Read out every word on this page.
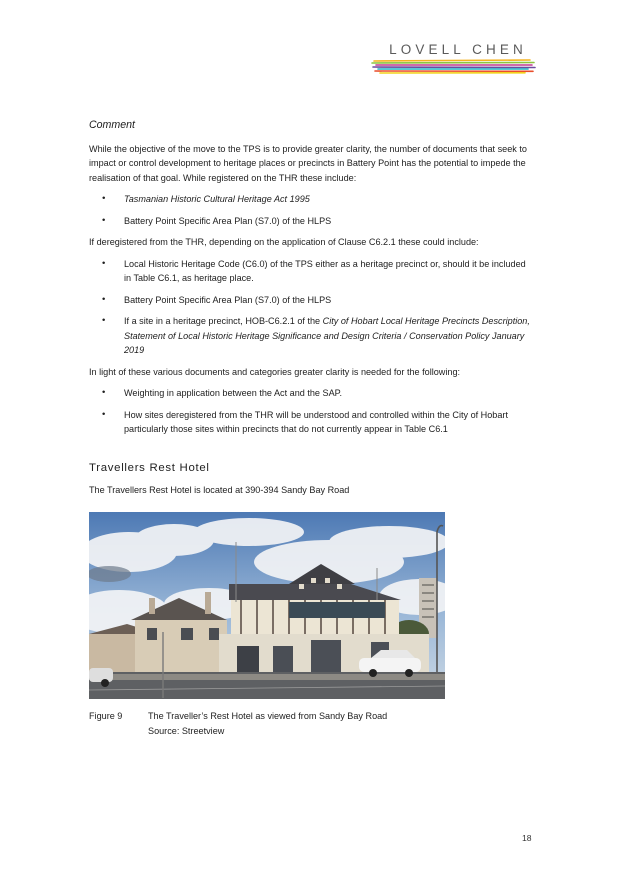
LOVELL CHEN
Comment

While the objective of the move to the TPS is to provide greater clarity, the number of documents that seek to impact or control development to heritage places or precincts in Battery Point has the potential to impede the realisation of that goal. While registered on the THR these include:

• Tasmanian Historic Cultural Heritage Act 1995
• Battery Point Specific Area Plan (S7.0) of the HLPS

If deregistered from the THR, depending on the application of Clause C6.2.1 these could include:

• Local Historic Heritage Code (C6.0) of the TPS either as a heritage precinct or, should it be included in Table C6.1, as heritage place.
• Battery Point Specific Area Plan (S7.0) of the HLPS
• If a site in a heritage precinct, HOB-C6.2.1 of the City of Hobart Local Heritage Precincts Description, Statement of Local Historic Heritage Significance and Design Criteria / Conservation Policy January 2019

In light of these various documents and categories greater clarity is needed for the following:

• Weighting in application between the Act and the SAP.
• How sites deregistered from the THR will be understood and controlled within the City of Hobart particularly those sites within precincts that do not currently appear in Table C6.1
Travellers Rest Hotel
The Travellers Rest Hotel is located at 390-394 Sandy Bay Road
Figure 9	The Traveller’s Rest Hotel as viewed from Sandy Bay Road
Source: Streetview
18
